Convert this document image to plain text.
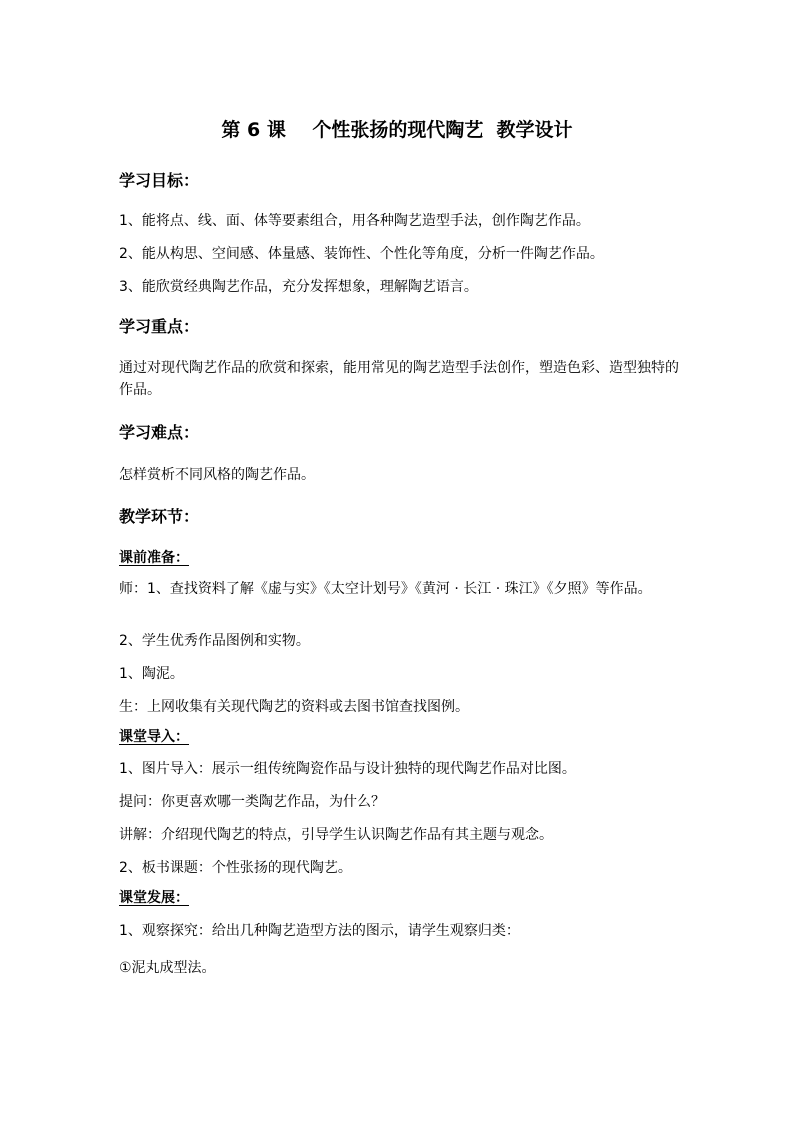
第 6 课    个性张扬的现代陶艺  教学设计
学习目标：
1、能将点、线、面、体等要素组合，用各种陶艺造型手法，创作陶艺作品。
2、能从构思、空间感、体量感、装饰性、个性化等角度，分析一件陶艺作品。
3、能欣赏经典陶艺作品，充分发挥想象，理解陶艺语言。
学习重点：
通过对现代陶艺作品的欣赏和探索，能用常见的陶艺造型手法创作，塑造色彩、造型独特的作品。
学习难点：
怎样赏析不同风格的陶艺作品。
教学环节：
课前准备：
师：1、查找资料了解《虚与实》《太空计划号》《黄河 · 长江 · 珠江》《夕照》等作品。
2、学生优秀作品图例和实物。
1、陶泥。
生：上网收集有关现代陶艺的资料或去图书馆查找图例。
课堂导入：
1、图片导入：展示一组传统陶瓷作品与设计独特的现代陶艺作品对比图。
提问：你更喜欢哪一类陶艺作品，为什么？
讲解：介绍现代陶艺的特点，引导学生认识陶艺作品有其主题与观念。
2、板书课题：个性张扬的现代陶艺。
课堂发展：
1、观察探究：给出几种陶艺造型方法的图示，请学生观察归类：
①泥丸成型法。
